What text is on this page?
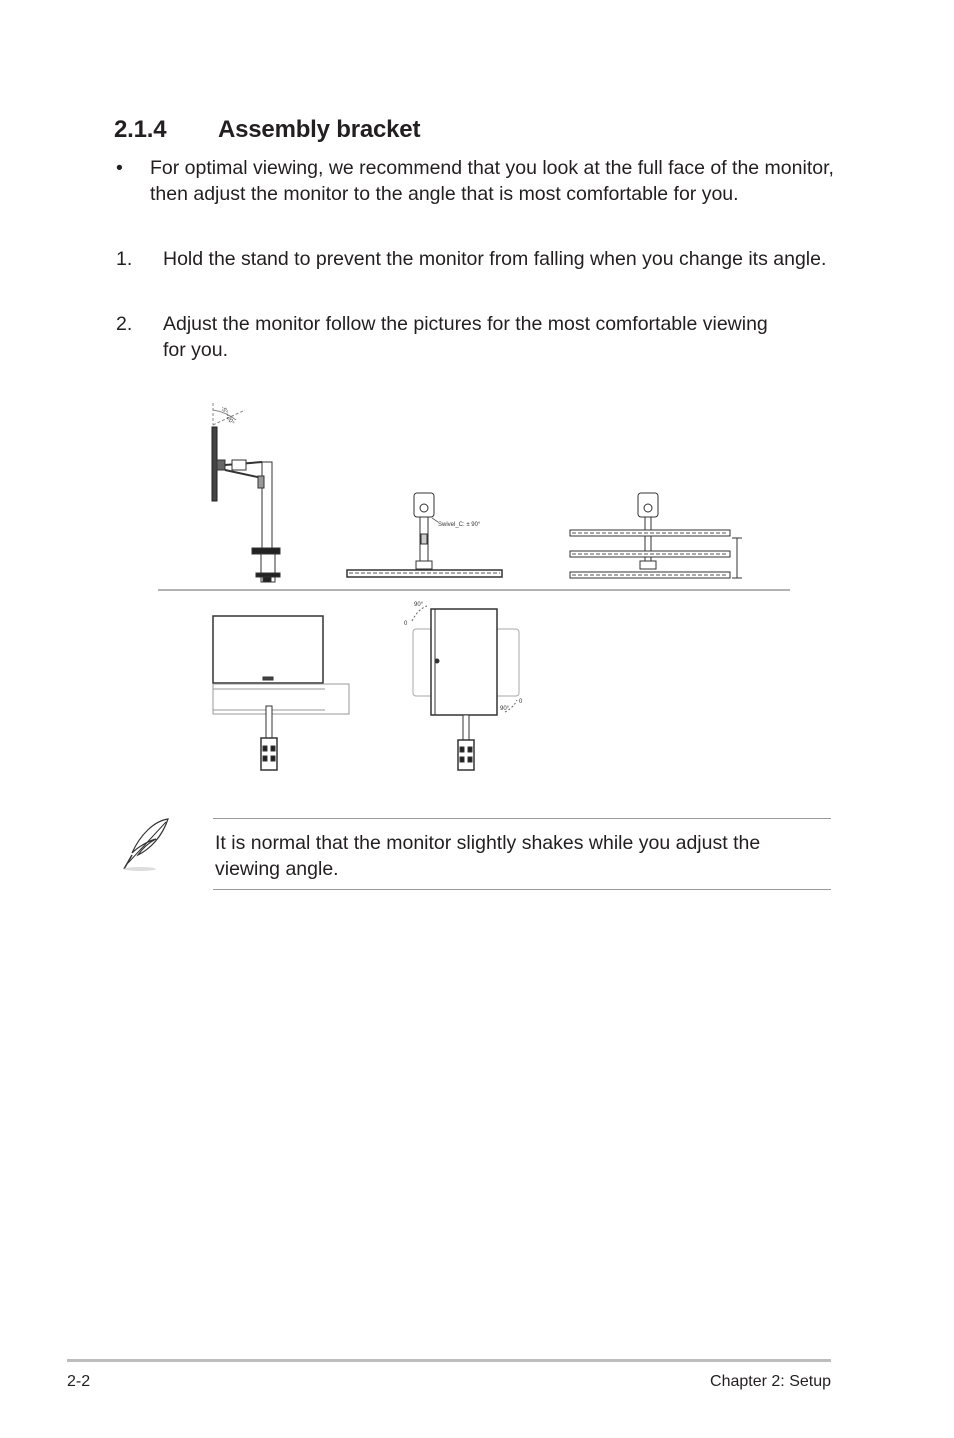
2.1.4 Assembly bracket
• For optimal viewing, we recommend that you look at the full face of the monitor, then adjust the monitor to the angle that is most comfortable for you.
1. Hold the stand to prevent the monitor from falling when you change its angle.
2. Adjust the monitor follow the pictures for the most comfortable viewing for you.
-5°~20°
Swivel_C: ± 90°
90°
0
90°
0
It is normal that the monitor slightly shakes while you adjust the viewing angle.
2-2	Chapter 2: Setup
